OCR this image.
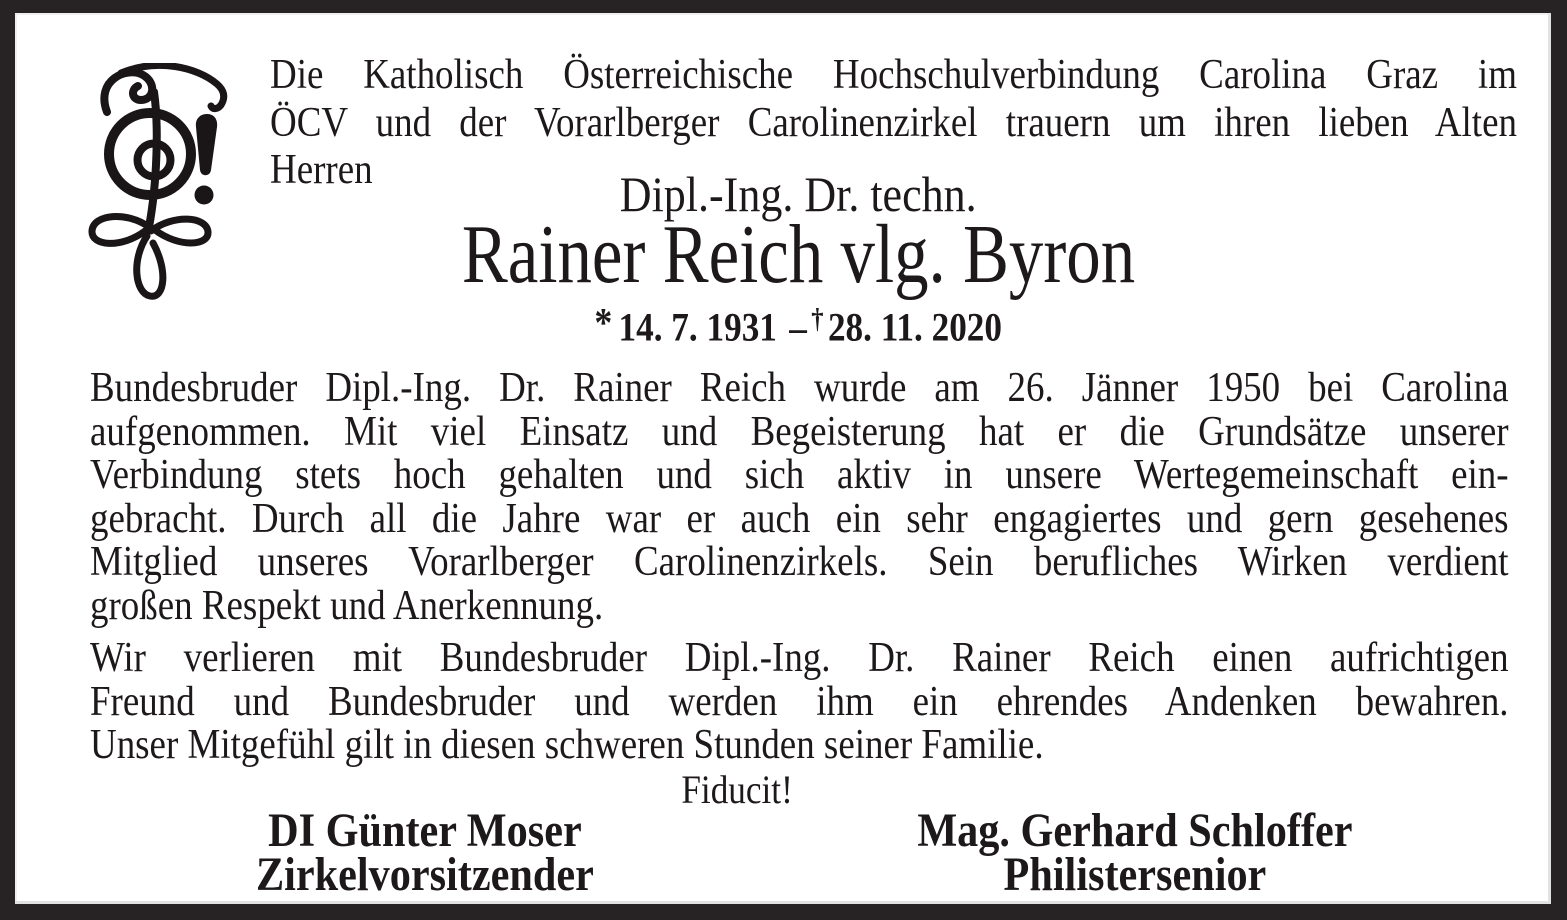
Die Katholisch Österreichische Hochschulverbindung Carolina Graz im
ÖCV und der Vorarlberger Carolinenzirkel trauern um ihren lieben Alten
Herren	Dipl.-Ing. Dr. techn.
Rainer Reich vlg. Byron
* 14. 7. 1931 – † 28. 11. 2020
Bundesbruder Dipl.-Ing. Dr. Rainer Reich wurde am 26. Jänner 1950 bei Carolina
aufgenommen. Mit viel Einsatz und Begeisterung hat er die Grundsätze unserer
Verbindung stets hoch gehalten und sich aktiv in unsere Wertegemeinschaft ein-
gebracht. Durch all die Jahre war er auch ein sehr engagiertes und gern gesehenes
Mitglied unseres Vorarlberger Carolinenzirkels. Sein berufliches Wirken verdient
großen Respekt und Anerkennung.
Wir verlieren mit Bundesbruder Dipl.-Ing. Dr. Rainer Reich einen aufrichtigen
Freund und Bundesbruder und werden ihm ein ehrendes Andenken bewahren.
Unser Mitgefühl gilt in diesen schweren Stunden seiner Familie.
Fiducit!
DI Günter Moser
Zirkelvorsitzender
Mag. Gerhard Schloffer
Philistersenior
